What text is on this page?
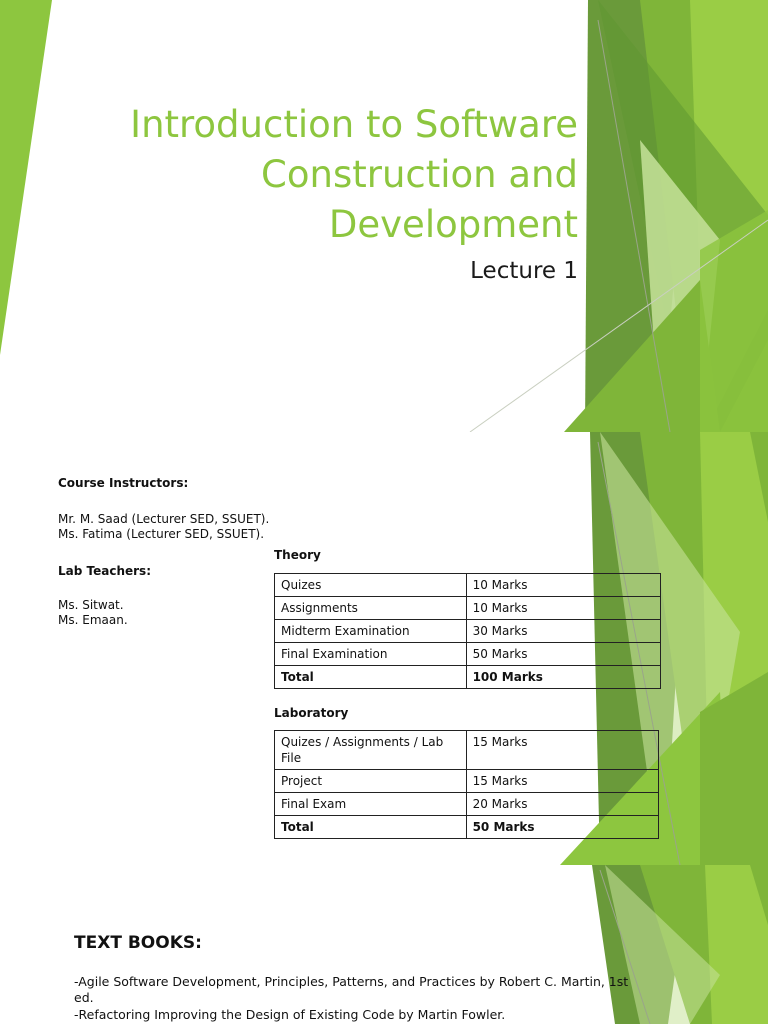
Introduction to Software
Construction and
Development
Lecture 1
Course Instructors:
Mr. M. Saad (Lecturer SED, SSUET).
Ms. Fatima (Lecturer SED, SSUET).
Lab Teachers:
Ms. Sitwat.
Ms. Emaan.
Theory
Quizes	10 Marks
Assignments	10 Marks
Midterm Examination	30 Marks
Final Examination	50 Marks
Total	100 Marks
Laboratory
Quizes / Assignments / Lab File	15 Marks
Project	15 Marks
Final Exam	20 Marks
Total	50 Marks
TEXT BOOKS:
-Agile Software Development, Principles, Patterns, and Practices by Robert C. Martin, 1st ed.
-Refactoring Improving the Design of Existing Code by Martin Fowler.
